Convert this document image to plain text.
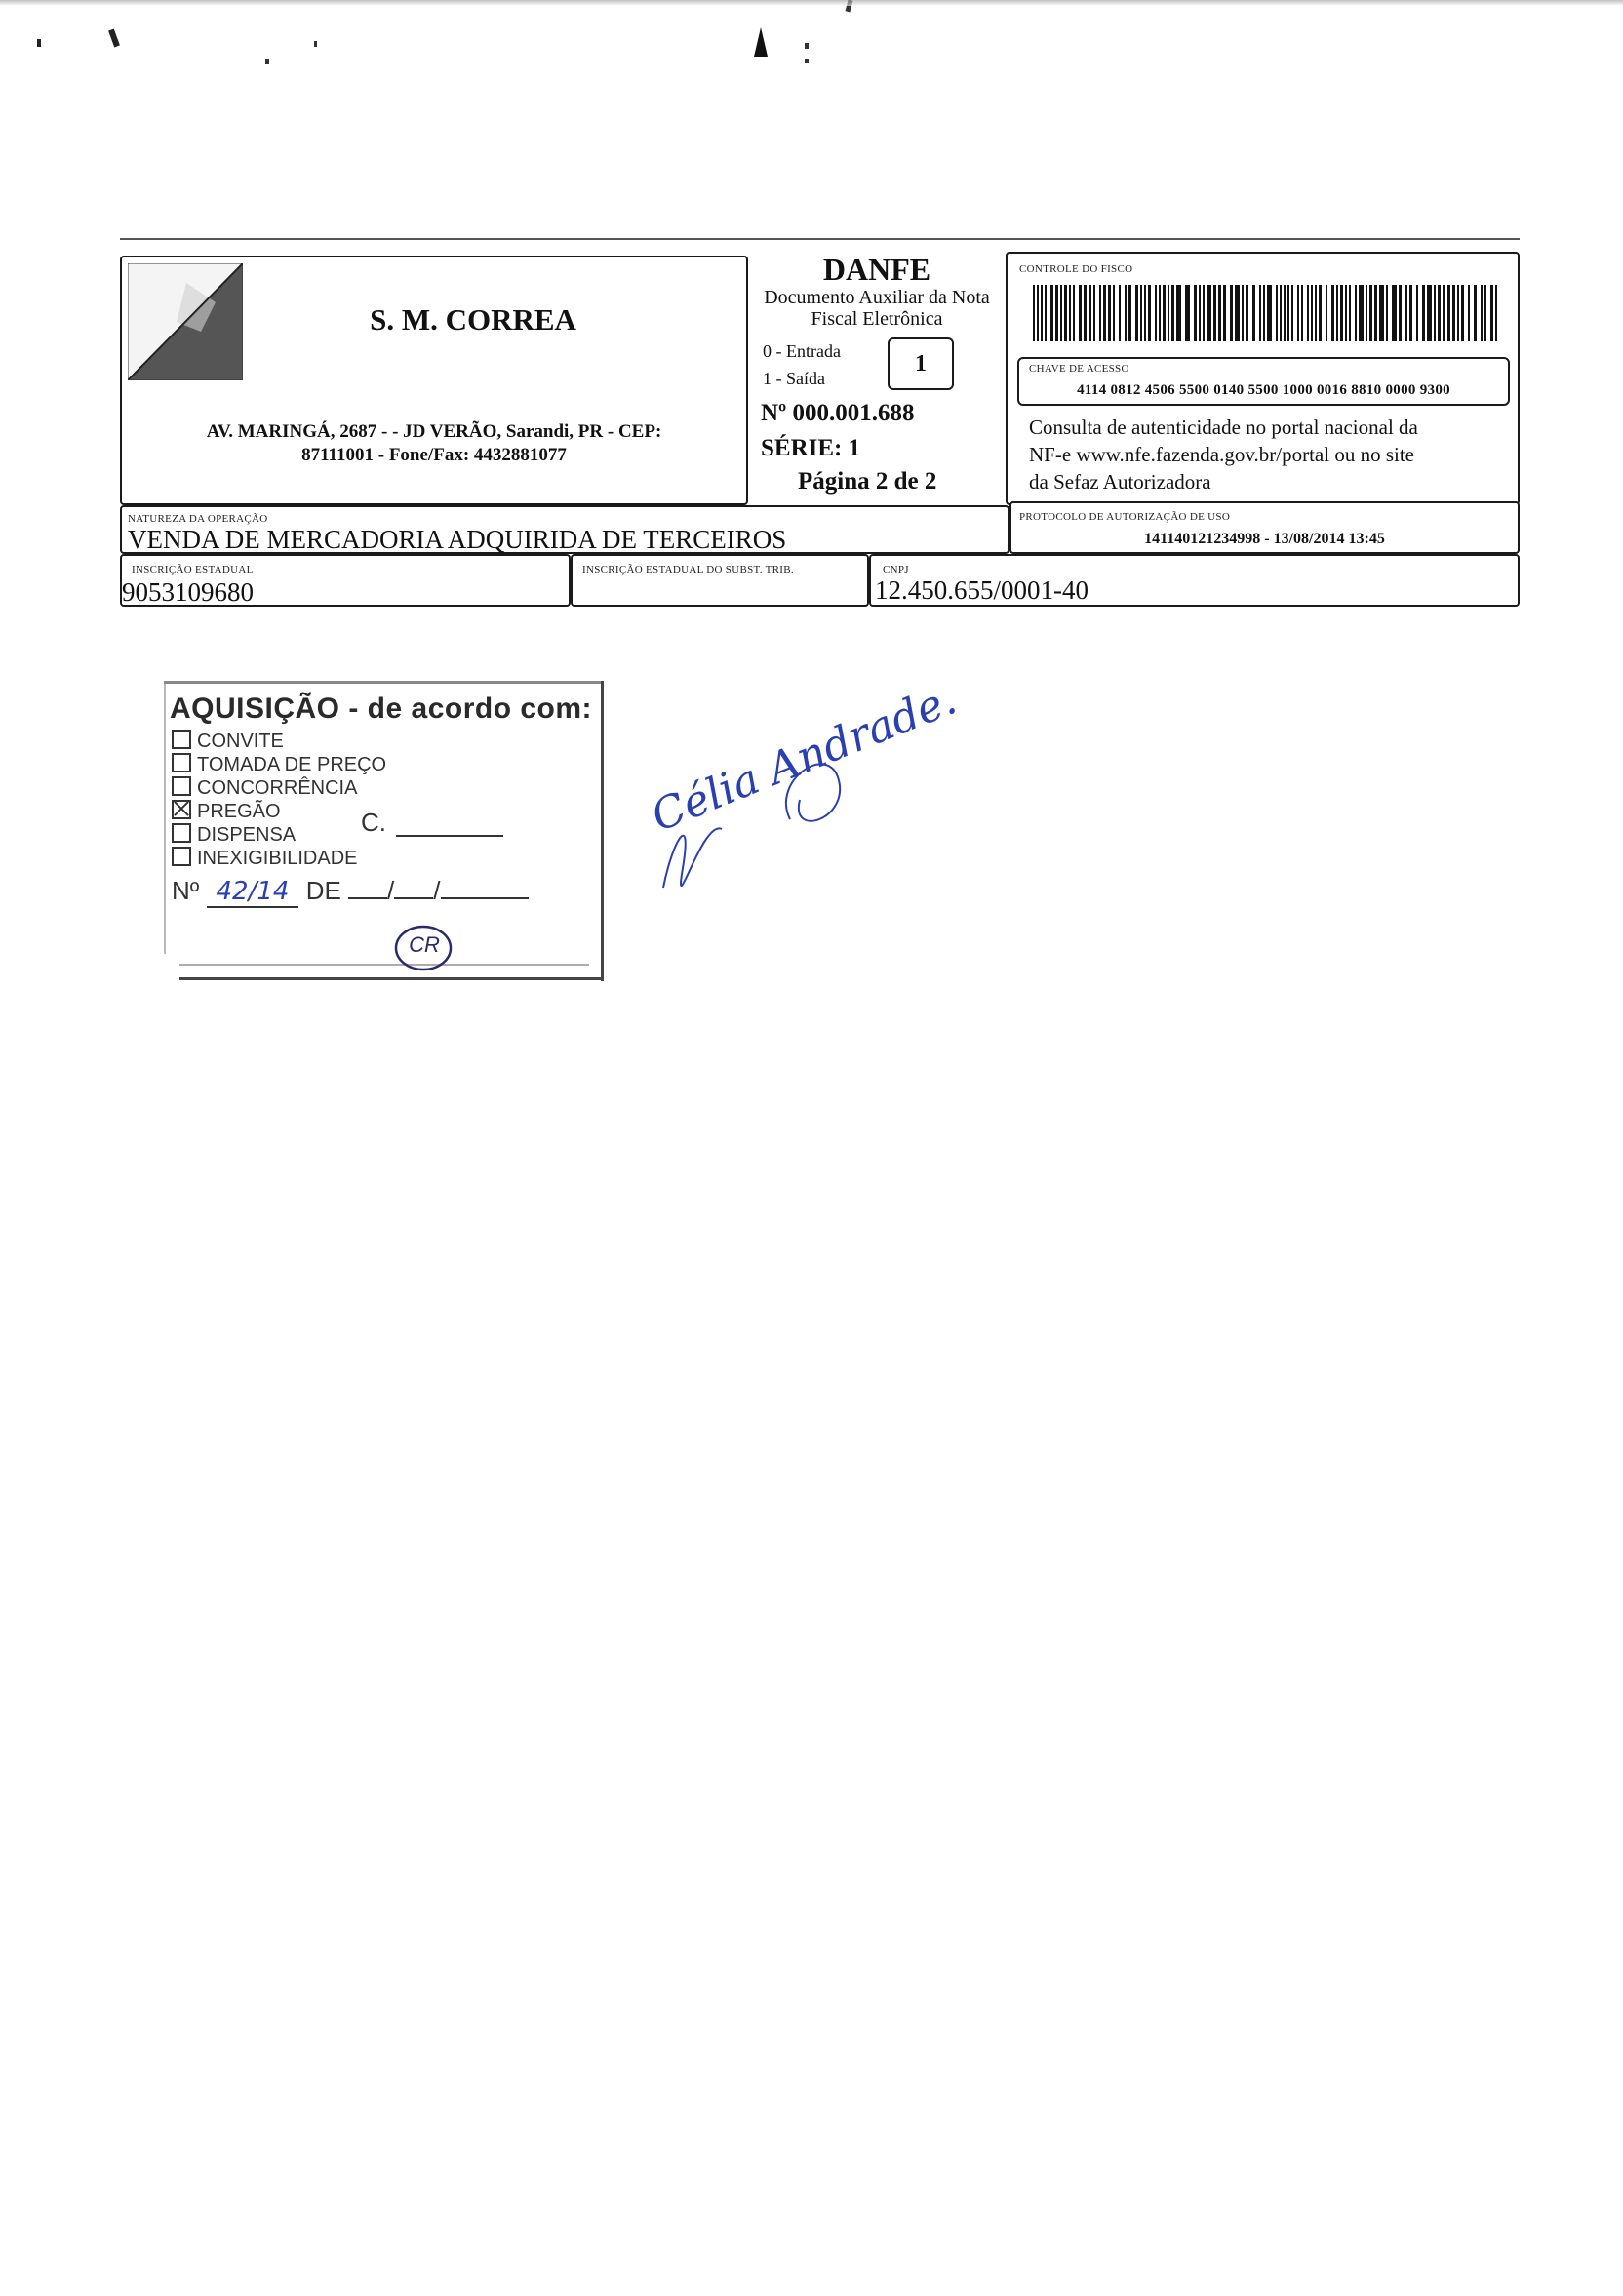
S. M. CORREA
AV. MARINGÁ, 2687 - - JD VERÃO, Sarandi, PR - CEP:
87111001 - Fone/Fax: 4432881077
DANFE
Documento Auxiliar da Nota
Fiscal Eletrônica
0 - Entrada
1 - Saída
1
Nº 000.001.688
SÉRIE: 1
Página 2 de 2
CONTROLE DO FISCO
CHAVE DE ACESSO
4114 0812 4506 5500 0140 5500 1000 0016 8810 0000 9300
Consulta de autenticidade no portal nacional da
NF-e www.nfe.fazenda.gov.br/portal ou no site
da Sefaz Autorizadora
NATUREZA DA OPERAÇÃO
VENDA DE MERCADORIA ADQUIRIDA DE TERCEIROS
PROTOCOLO DE AUTORIZAÇÃO DE USO
141140121234998 - 13/08/2014 13:45
INSCRIÇÃO ESTADUAL
9053109680
INSCRIÇÃO ESTADUAL DO SUBST. TRIB.	CNPJ
12.450.655/0001-40
AQUISIÇÃO - de acordo com:
CONVITE
TOMADA DE PREÇO
CONCORRÊNCIA
PREGÃO
DISPENSA
INEXIGIBILIDADE
C.
Nº 42/14 DE / /
CR
Célia Andrade.
